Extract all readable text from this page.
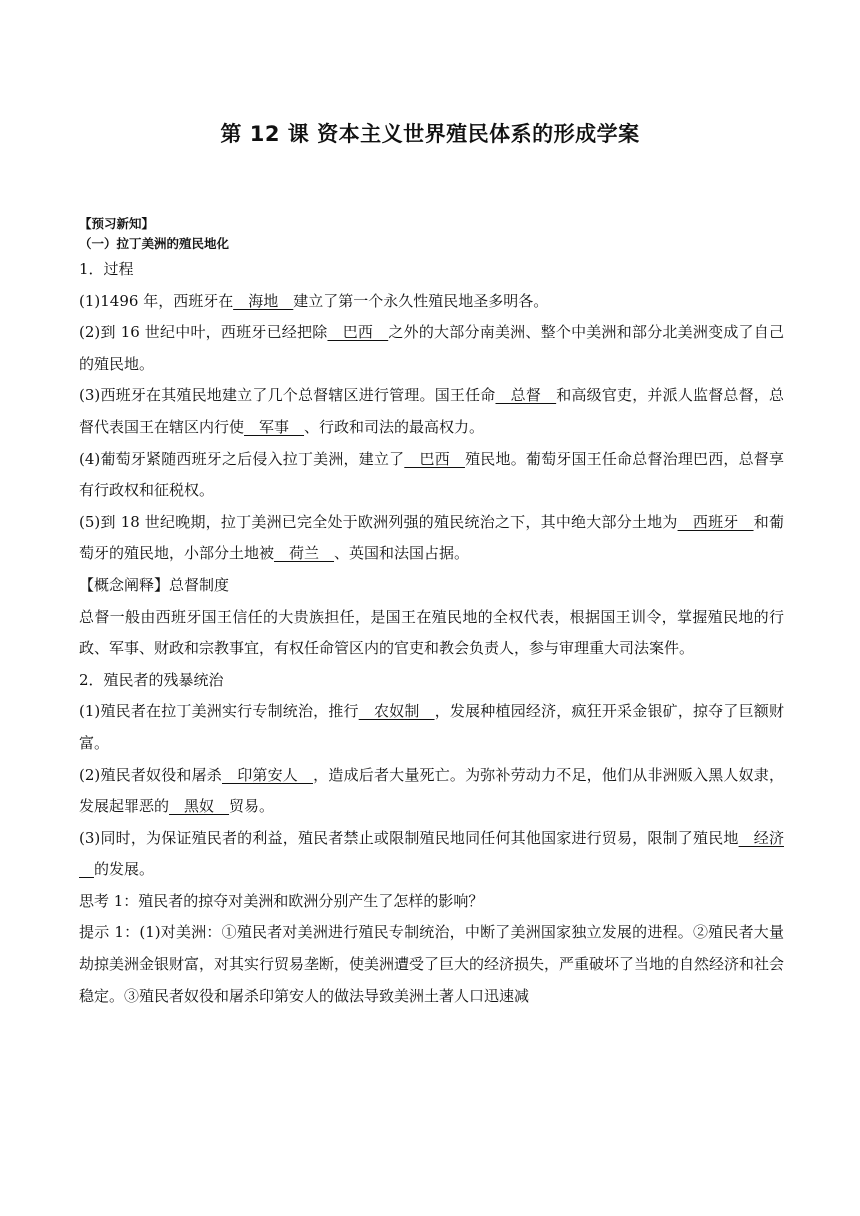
第 12 课 资本主义世界殖民体系的形成学案
【预习新知】
（一）拉丁美洲的殖民地化

1．过程

(1)1496 年，西班牙在__海地__建立了第一个永久性殖民地圣多明各。

(2)到 16 世纪中叶，西班牙已经把除__巴西__之外的大部分南美洲、整个中美洲和部分北美洲变成了自己的殖民地。

(3)西班牙在其殖民地建立了几个总督辖区进行管理。国王任命__总督__和高级官吏，并派人监督总督，总督代表国王在辖区内行使__军事__、行政和司法的最高权力。

(4)葡萄牙紧随西班牙之后侵入拉丁美洲，建立了__巴西__殖民地。葡萄牙国王任命总督治理巴西，总督享有行政权和征税权。

(5)到 18 世纪晚期，拉丁美洲已完全处于欧洲列强的殖民统治之下，其中绝大部分土地为__西班牙__和葡萄牙的殖民地，小部分土地被__荷兰__、英国和法国占据。

【概念阐释】总督制度

总督一般由西班牙国王信任的大贵族担任，是国王在殖民地的全权代表，根据国王训令，掌握殖民地的行政、军事、财政和宗教事宜，有权任命管区内的官吏和教会负责人，参与审理重大司法案件。

2．殖民者的残暴统治

(1)殖民者在拉丁美洲实行专制统治，推行__农奴制__，发展种植园经济，疯狂开采金银矿，掠夺了巨额财富。

(2)殖民者奴役和屠杀__印第安人__，造成后者大量死亡。为弥补劳动力不足，他们从非洲贩入黑人奴隶，发展起罪恶的__黑奴__贸易。

(3)同时，为保证殖民者的利益，殖民者禁止或限制殖民地同任何其他国家进行贸易，限制了殖民地__经济__的发展。

思考 1：殖民者的掠夺对美洲和欧洲分别产生了怎样的影响？

提示 1：(1)对美洲：①殖民者对美洲进行殖民专制统治，中断了美洲国家独立发展的进程。②殖民者大量劫掠美洲金银财富，对其实行贸易垄断，使美洲遭受了巨大的经济损失，严重破坏了当地的自然经济和社会稳定。③殖民者奴役和屠杀印第安人的做法导致美洲土著人口迅速减
